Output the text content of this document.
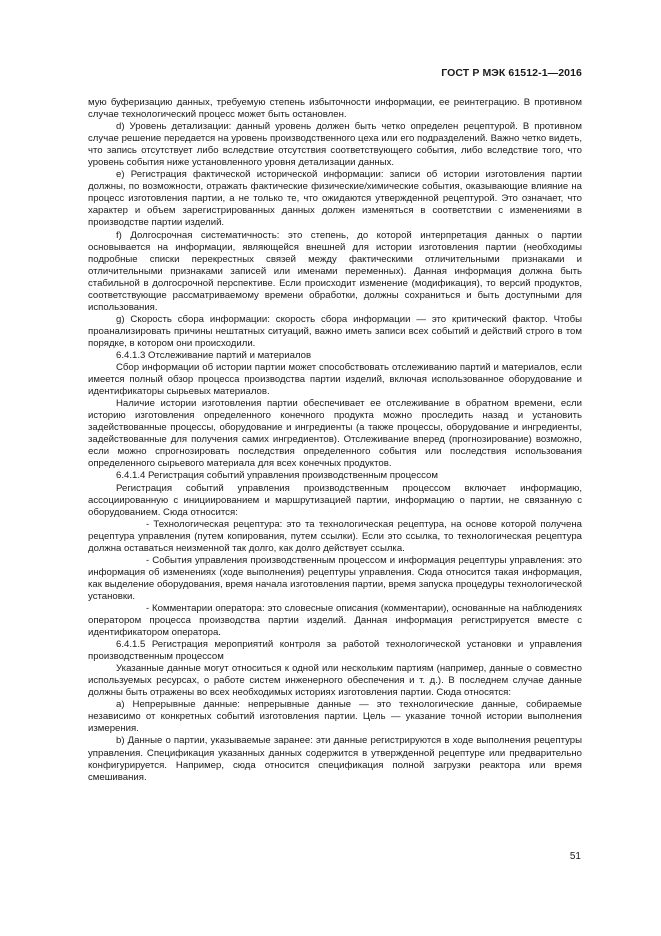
ГОСТ Р МЭК 61512-1—2016

мую буферизацию данных, требуемую степень избыточности информации, ее реинтеграцию. В противном случае технологический процесс может быть остановлен.

d) Уровень детализации: данный уровень должен быть четко определен рецептурой. В противном случае решение передается на уровень производственного цеха или его подразделений. Важно четко видеть, что запись отсутствует либо вследствие отсутствия соответствующего события, либо вследствие того, что уровень события ниже установленного уровня детализации данных.

e) Регистрация фактической исторической информации: записи об истории изготовления партии должны, по возможности, отражать фактические физические/химические события, оказывающие влияние на процесс изготовления партии, а не только те, что ожидаются утвержденной рецептурой. Это означает, что характер и объем зарегистрированных данных должен изменяться в соответствии с изменениями в производстве партии изделий.

f) Долгосрочная систематичность: это степень, до которой интерпретация данных о партии основывается на информации, являющейся внешней для истории изготовления партии (необходимы подробные списки перекрестных связей между фактическими отличительными признаками и отличительными признаками записей или именами переменных). Данная информация должна быть стабильной в долгосрочной перспективе. Если происходит изменение (модификация), то версий продуктов, соответствующие рассматриваемому времени обработки, должны сохраниться и быть доступными для использования.

g) Скорость сбора информации: скорость сбора информации — это критический фактор. Чтобы проанализировать причины нештатных ситуаций, важно иметь записи всех событий и действий строго в том порядке, в котором они происходили.

6.4.1.3 Отслеживание партий и материалов

Сбор информации об истории партии может способствовать отслеживанию партий и материалов, если имеется полный обзор процесса производства партии изделий, включая использованное оборудование и идентификаторы сырьевых материалов.

Наличие истории изготовления партии обеспечивает ее отслеживание в обратном времени, если историю изготовления определенного конечного продукта можно проследить назад и установить задействованные процессы, оборудование и ингредиенты (а также процессы, оборудование и ингредиенты, задействованные для получения самих ингредиентов). Отслеживание вперед (прогнозирование) возможно, если можно спрогнозировать последствия определенного события или последствия использования определенного сырьевого материала для всех конечных продуктов.

6.4.1.4 Регистрация событий управления производственным процессом

Регистрация событий управления производственным процессом включает информацию, ассоциированную с инициированием и маршрутизацией партии, информацию о партии, не связанную с оборудованием. Сюда относится:

- Технологическая рецептура: это та технологическая рецептура, на основе которой получена рецептура управления (путем копирования, путем ссылки). Если это ссылка, то технологическая рецептура должна оставаться неизменной так долго, как долго действует ссылка.

- События управления производственным процессом и информация рецептуры управления: это информация об изменениях (ходе выполнения) рецептуры управления. Сюда относится такая информация, как выделение оборудования, время начала изготовления партии, время запуска процедуры технологической установки.

- Комментарии оператора: это словесные описания (комментарии), основанные на наблюдениях оператором процесса производства партии изделий. Данная информация регистрируется вместе с идентификатором оператора.

6.4.1.5 Регистрация мероприятий контроля за работой технологической установки и управления производственным процессом

Указанные данные могут относиться к одной или нескольким партиям (например, данные о совместно используемых ресурсах, о работе систем инженерного обеспечения и т. д.). В последнем случае данные должны быть отражены во всех необходимых историях изготовления партии. Сюда относятся:

a) Непрерывные данные: непрерывные данные — это технологические данные, собираемые независимо от конкретных событий изготовления партии. Цель — указание точной истории выполнения измерения.

b) Данные о партии, указываемые заранее: эти данные регистрируются в ходе выполнения рецептуры управления. Спецификация указанных данных содержится в утвержденной рецептуре или предварительно конфигурируется. Например, сюда относится спецификация полной загрузки реактора или время смешивания.

51
